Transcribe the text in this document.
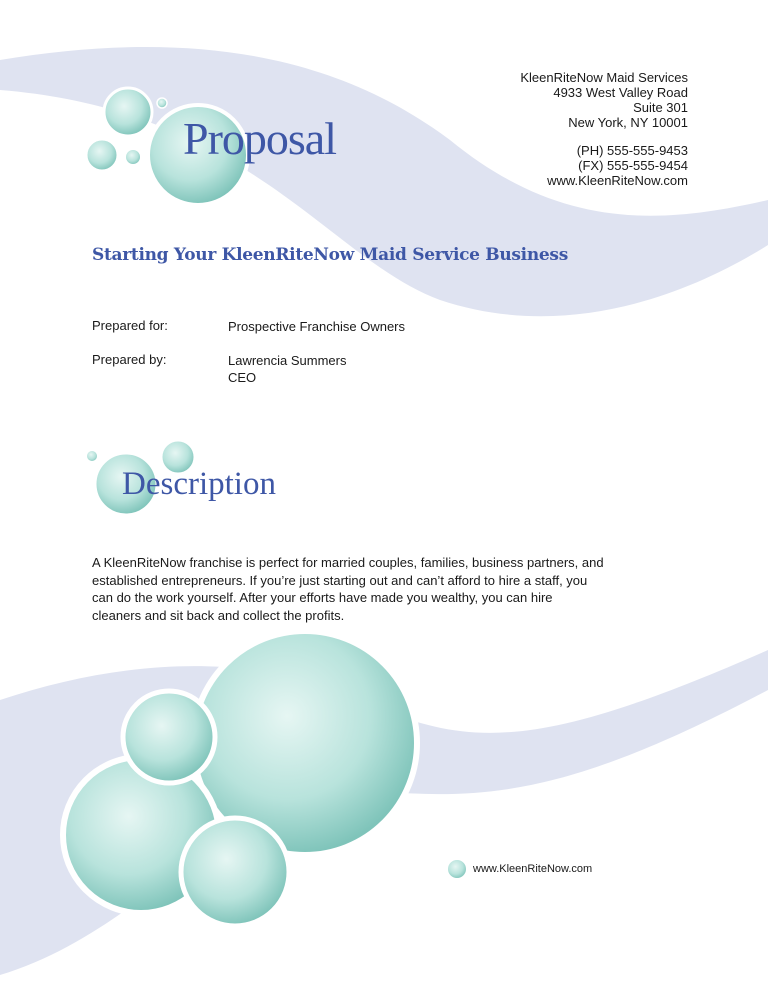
KleenRiteNow Maid Services
4933 West Valley Road
Suite 301
New York, NY 10001
(PH) 555-555-9453
(FX) 555-555-9454
www.KleenRiteNow.com
Proposal
Starting Your KleenRiteNow Maid Service Business
Prepared for:	Prospective Franchise Owners
Prepared by:	Lawrencia Summers
CEO
Description
A KleenRiteNow franchise is perfect for married couples, families, business partners, and
established entrepreneurs. If you’re just starting out and can’t afford to hire a staff, you
can do the work yourself. After your efforts have made you wealthy, you can hire
cleaners and sit back and collect the profits.
www.KleenRiteNow.com
